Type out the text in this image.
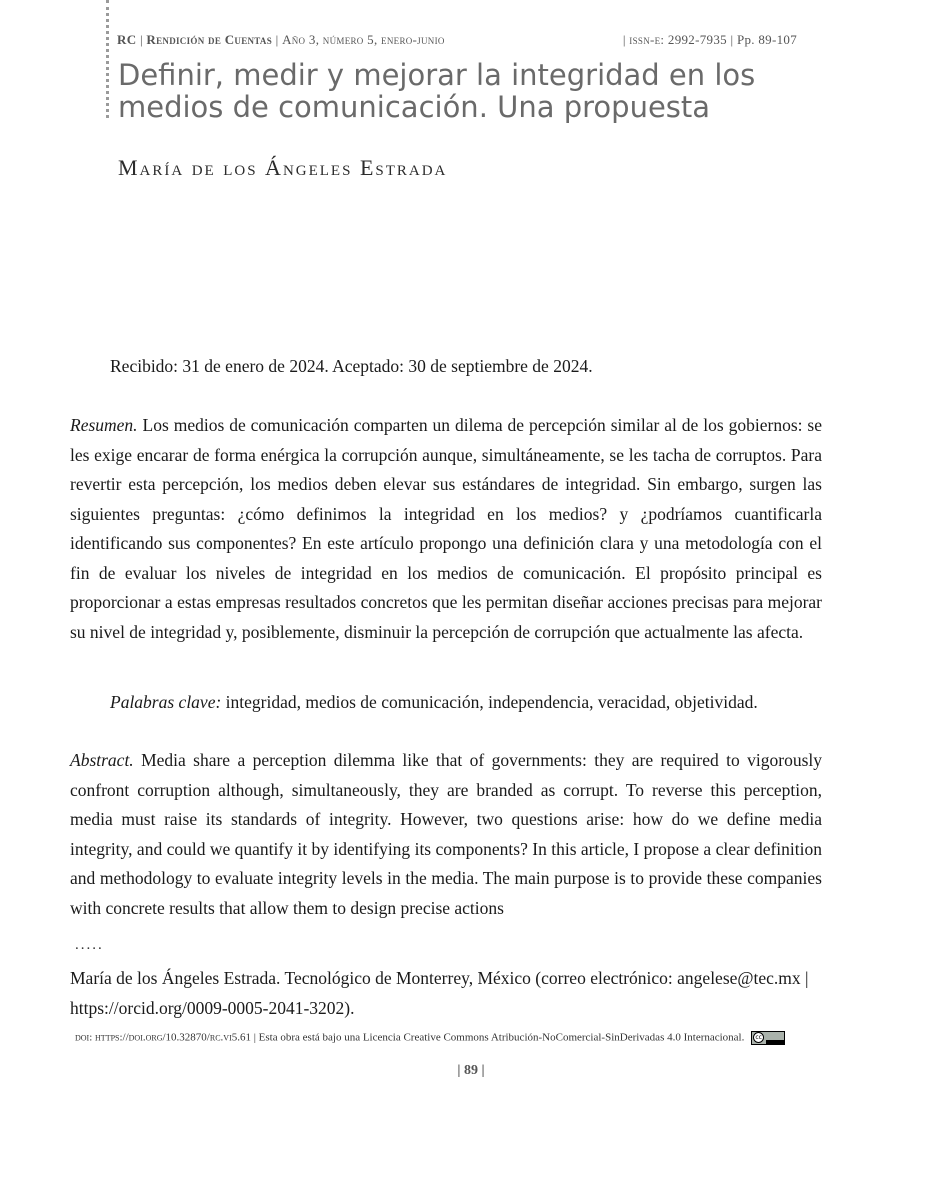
RC | Rendición de Cuentas | Año 3, número 5, enero-junio	| issn-e: 2992-7935 | Pp. 89-107
Definir, medir y mejorar la integridad en los medios de comunicación. Una propuesta
María de los Ángeles Estrada
Recibido: 31 de enero de 2024. Aceptado: 30 de septiembre de 2024.

Resumen. Los medios de comunicación comparten un dilema de percepción similar al de los gobiernos: se les exige encarar de forma enérgica la corrupción aunque, simultáneamente, se les tacha de corruptos. Para revertir esta percepción, los medios deben elevar sus estándares de integridad. Sin embargo, surgen las siguientes preguntas: ¿cómo definimos la integridad en los medios? y ¿podríamos cuantificarla identificando sus componentes? En este artículo propongo una definición clara y una metodología con el fin de evaluar los niveles de integridad en los medios de comunicación. El propósito principal es proporcionar a estas empresas resultados concretos que les permitan diseñar acciones precisas para mejorar su nivel de integridad y, posiblemente, disminuir la percepción de corrupción que actualmente las afecta.

Palabras clave: integridad, medios de comunicación, independencia, veracidad, objetividad.

Abstract. Media share a perception dilemma like that of governments: they are required to vigorously confront corruption although, simultaneously, they are branded as corrupt. To reverse this perception, media must raise its standards of integrity. However, two questions arise: how do we define media integrity, and could we quantify it by identifying its components? In this article, I propose a clear definition and methodology to evaluate integrity levels in the media. The main purpose is to provide these companies with concrete results that allow them to design precise actions

.....

María de los Ángeles Estrada. Tecnológico de Monterrey, México (correo electrónico: angelese@tec.mx | https://orcid.org/0009-0005-2041-3202).

doi: https://doi.org/10.32870/rc.vi5.61 | Esta obra está bajo una Licencia Creative Commons Atribución-NoComercial-SinDerivadas 4.0 Internacional.	cc
| 89 |
